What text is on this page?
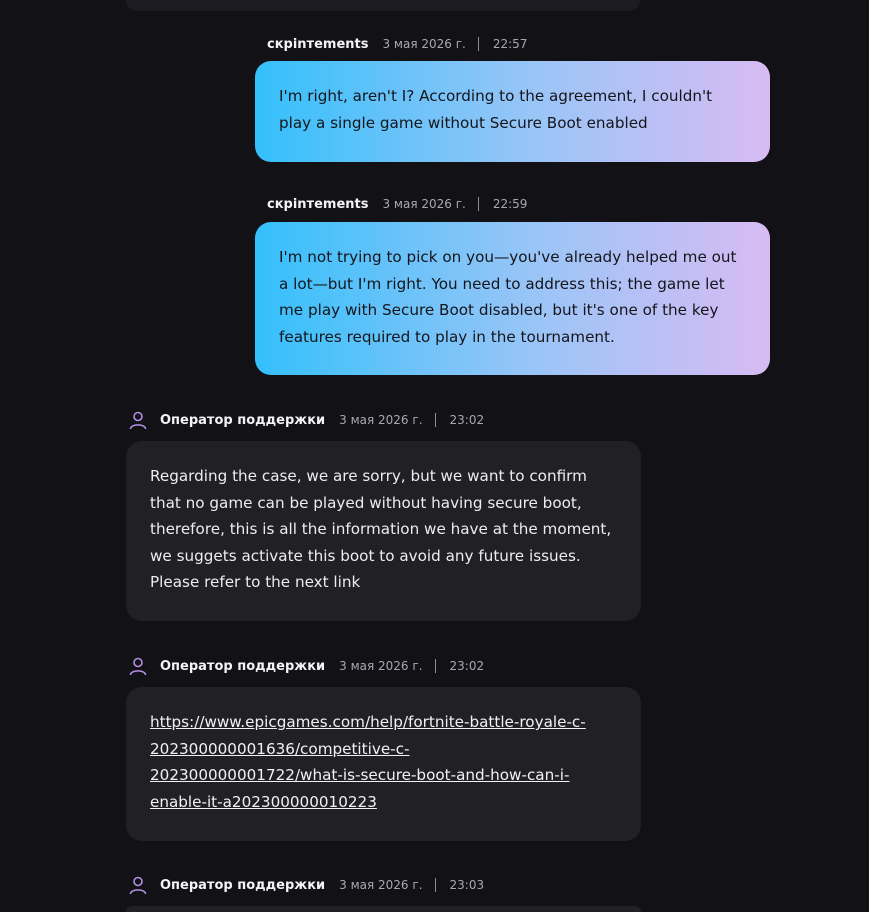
скрinтements 3 мая 2026 г. 22:57
I'm right, aren't I? According to the agreement, I couldn't
play a single game without Secure Boot enabled
скрinтements 3 мая 2026 г. 22:59
I'm not trying to pick on you—you've already helped me out
a lot—but I'm right. You need to address this; the game let
me play with Secure Boot disabled, but it's one of the key
features required to play in the tournament.
Оператор поддержки 3 мая 2026 г. 23:02
Regarding the case, we are sorry, but we want to confirm
that no game can be played without having secure boot,
therefore, this is all the information we have at the moment,
we suggets activate this boot to avoid any future issues.
Please refer to the next link
Оператор поддержки 3 мая 2026 г. 23:02
https://www.epicgames.com/help/fortnite-battle-royale-c-
202300000001636/competitive-c-
202300000001722/what-is-secure-boot-and-how-can-i-
enable-it-a202300000010223
Оператор поддержки 3 мая 2026 г. 23:03
